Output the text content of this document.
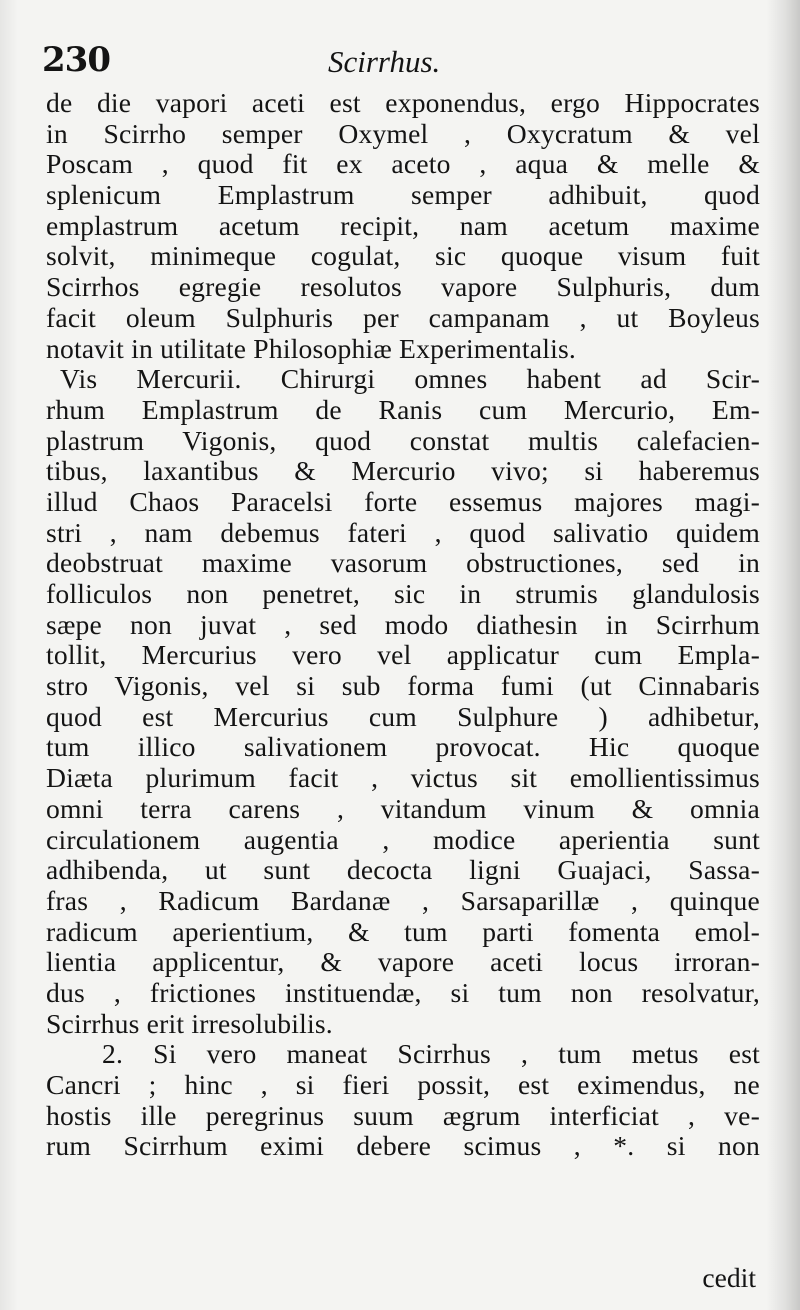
230	Scirrhus.
de die vapori aceti est exponendus, ergo Hippocrates
in Scirrho semper Oxymel , Oxycratum & vel
Poscam , quod fit ex aceto , aqua & melle &
splenicum Emplastrum semper adhibuit, quod
emplastrum acetum recipit, nam acetum maxime
solvit, minimeque cogulat, sic quoque visum fuit
Scirrhos egregie resolutos vapore Sulphuris, dum
facit oleum Sulphuris per campanam , ut Boyleus
notavit in utilitate Philosophiæ Experimentalis.
Vis Mercurii. Chirurgi omnes habent ad Scir-
rhum Emplastrum de Ranis cum Mercurio, Em-
plastrum Vigonis, quod constat multis calefacien-
tibus, laxantibus & Mercurio vivo; si haberemus
illud Chaos Paracelsi forte essemus majores magi-
stri , nam debemus fateri , quod salivatio quidem
deobstruat maxime vasorum obstructiones, sed in
folliculos non penetret, sic in strumis glandulosis
sæpe non juvat , sed modo diathesin in Scirrhum
tollit, Mercurius vero vel applicatur cum Empla-
stro Vigonis, vel si sub forma fumi (ut Cinnabaris
quod est Mercurius cum Sulphure ) adhibetur,
tum illico salivationem provocat. Hic quoque
Diæta plurimum facit , victus sit emollientissimus
omni terra carens , vitandum vinum & omnia
circulationem augentia , modice aperientia sunt
adhibenda, ut sunt decocta ligni Guajaci, Sassa-
fras , Radicum Bardanæ , Sarsaparillæ , quinque
radicum aperientium, & tum parti fomenta emol-
lientia applicentur, & vapore aceti locus irroran-
dus , frictiones instituendæ, si tum non resolvatur,
Scirrhus erit irresolubilis.
2. Si vero maneat Scirrhus , tum metus est
Cancri ; hinc , si fieri possit, est eximendus, ne
hostis ille peregrinus suum ægrum interficiat , ve-
rum Scirrhum eximi debere scimus , *. si non
cedit
